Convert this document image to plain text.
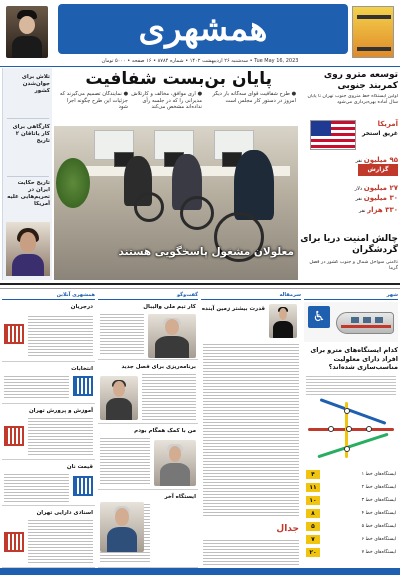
همشهری
سه‌شنبه ۲۶ اردیبهشت ۱۴۰۲ • شماره ۸۷۸۴ • ۱۶ صفحه • ۵۰۰۰ تومان • Tue May 16, 2023
تلاش برای جوان‌شدن کشور
کارگاهی برای کار یاتاقان ۲ تاریخ
تاریخ حکایت ایران در تحریم‌هایی علیه آمریکا
پایان بن‌بست شفافیت
● طرح شفافیت قوای سه‌گانه بار دیگر امروز در دستور کار مجلس است
● آری موافق، مخالف و کارتلاش مدیرانی را که در جلسه رأی نداده‌اند مشخص می‌کند
● نمایندگان تصمیم می‌گیرند که جزئیات این طرح چگونه اجرا شود
معلولان مشغول پاسخگویی هستند
توسعه مترو روی کمربند جنوبی
اولین ایستگاه خط متروی جنوب تهران تا پایان سال آماده بهره‌برداری می‌شود
آمریکا
غریق استخر
۹۵ میلیون نفر
۲۷ میلیون دلار
۳۰ میلیون نفر
۳۳۰ هزار نفر
گزارش
چالش امنیت دریا برای گردشگران
ناامنی سواحل شمال و جنوب کشور در فصل گرما
همشهری آنلاین
درجریان
انتخابات
آموزش و پرورش تهران
قیمت نان
اسنادی دارایی تهران
گفت‌وگو
کار تیم ملی والیبال
برنامه‌ریزی برای فصل جدید
من با کمک همگام بودم
ایستگاه آخر
سرمقاله
قدرت بیشتر زمین آینده
جدال
شهر
♿
کدام ایستگاه‌های مترو برای افراد دارای معلولیت مناسب‌سازی شده‌اند؟
۴	ایستگاه‌های خط ۱
۱۱	ایستگاه‌های خط ۲
۱۰	ایستگاه‌های خط ۳
۸	ایستگاه‌های خط ۴
۵	ایستگاه‌های خط ۵
۷	ایستگاه‌های خط ۶
۲۰	ایستگاه‌های خط ۷
